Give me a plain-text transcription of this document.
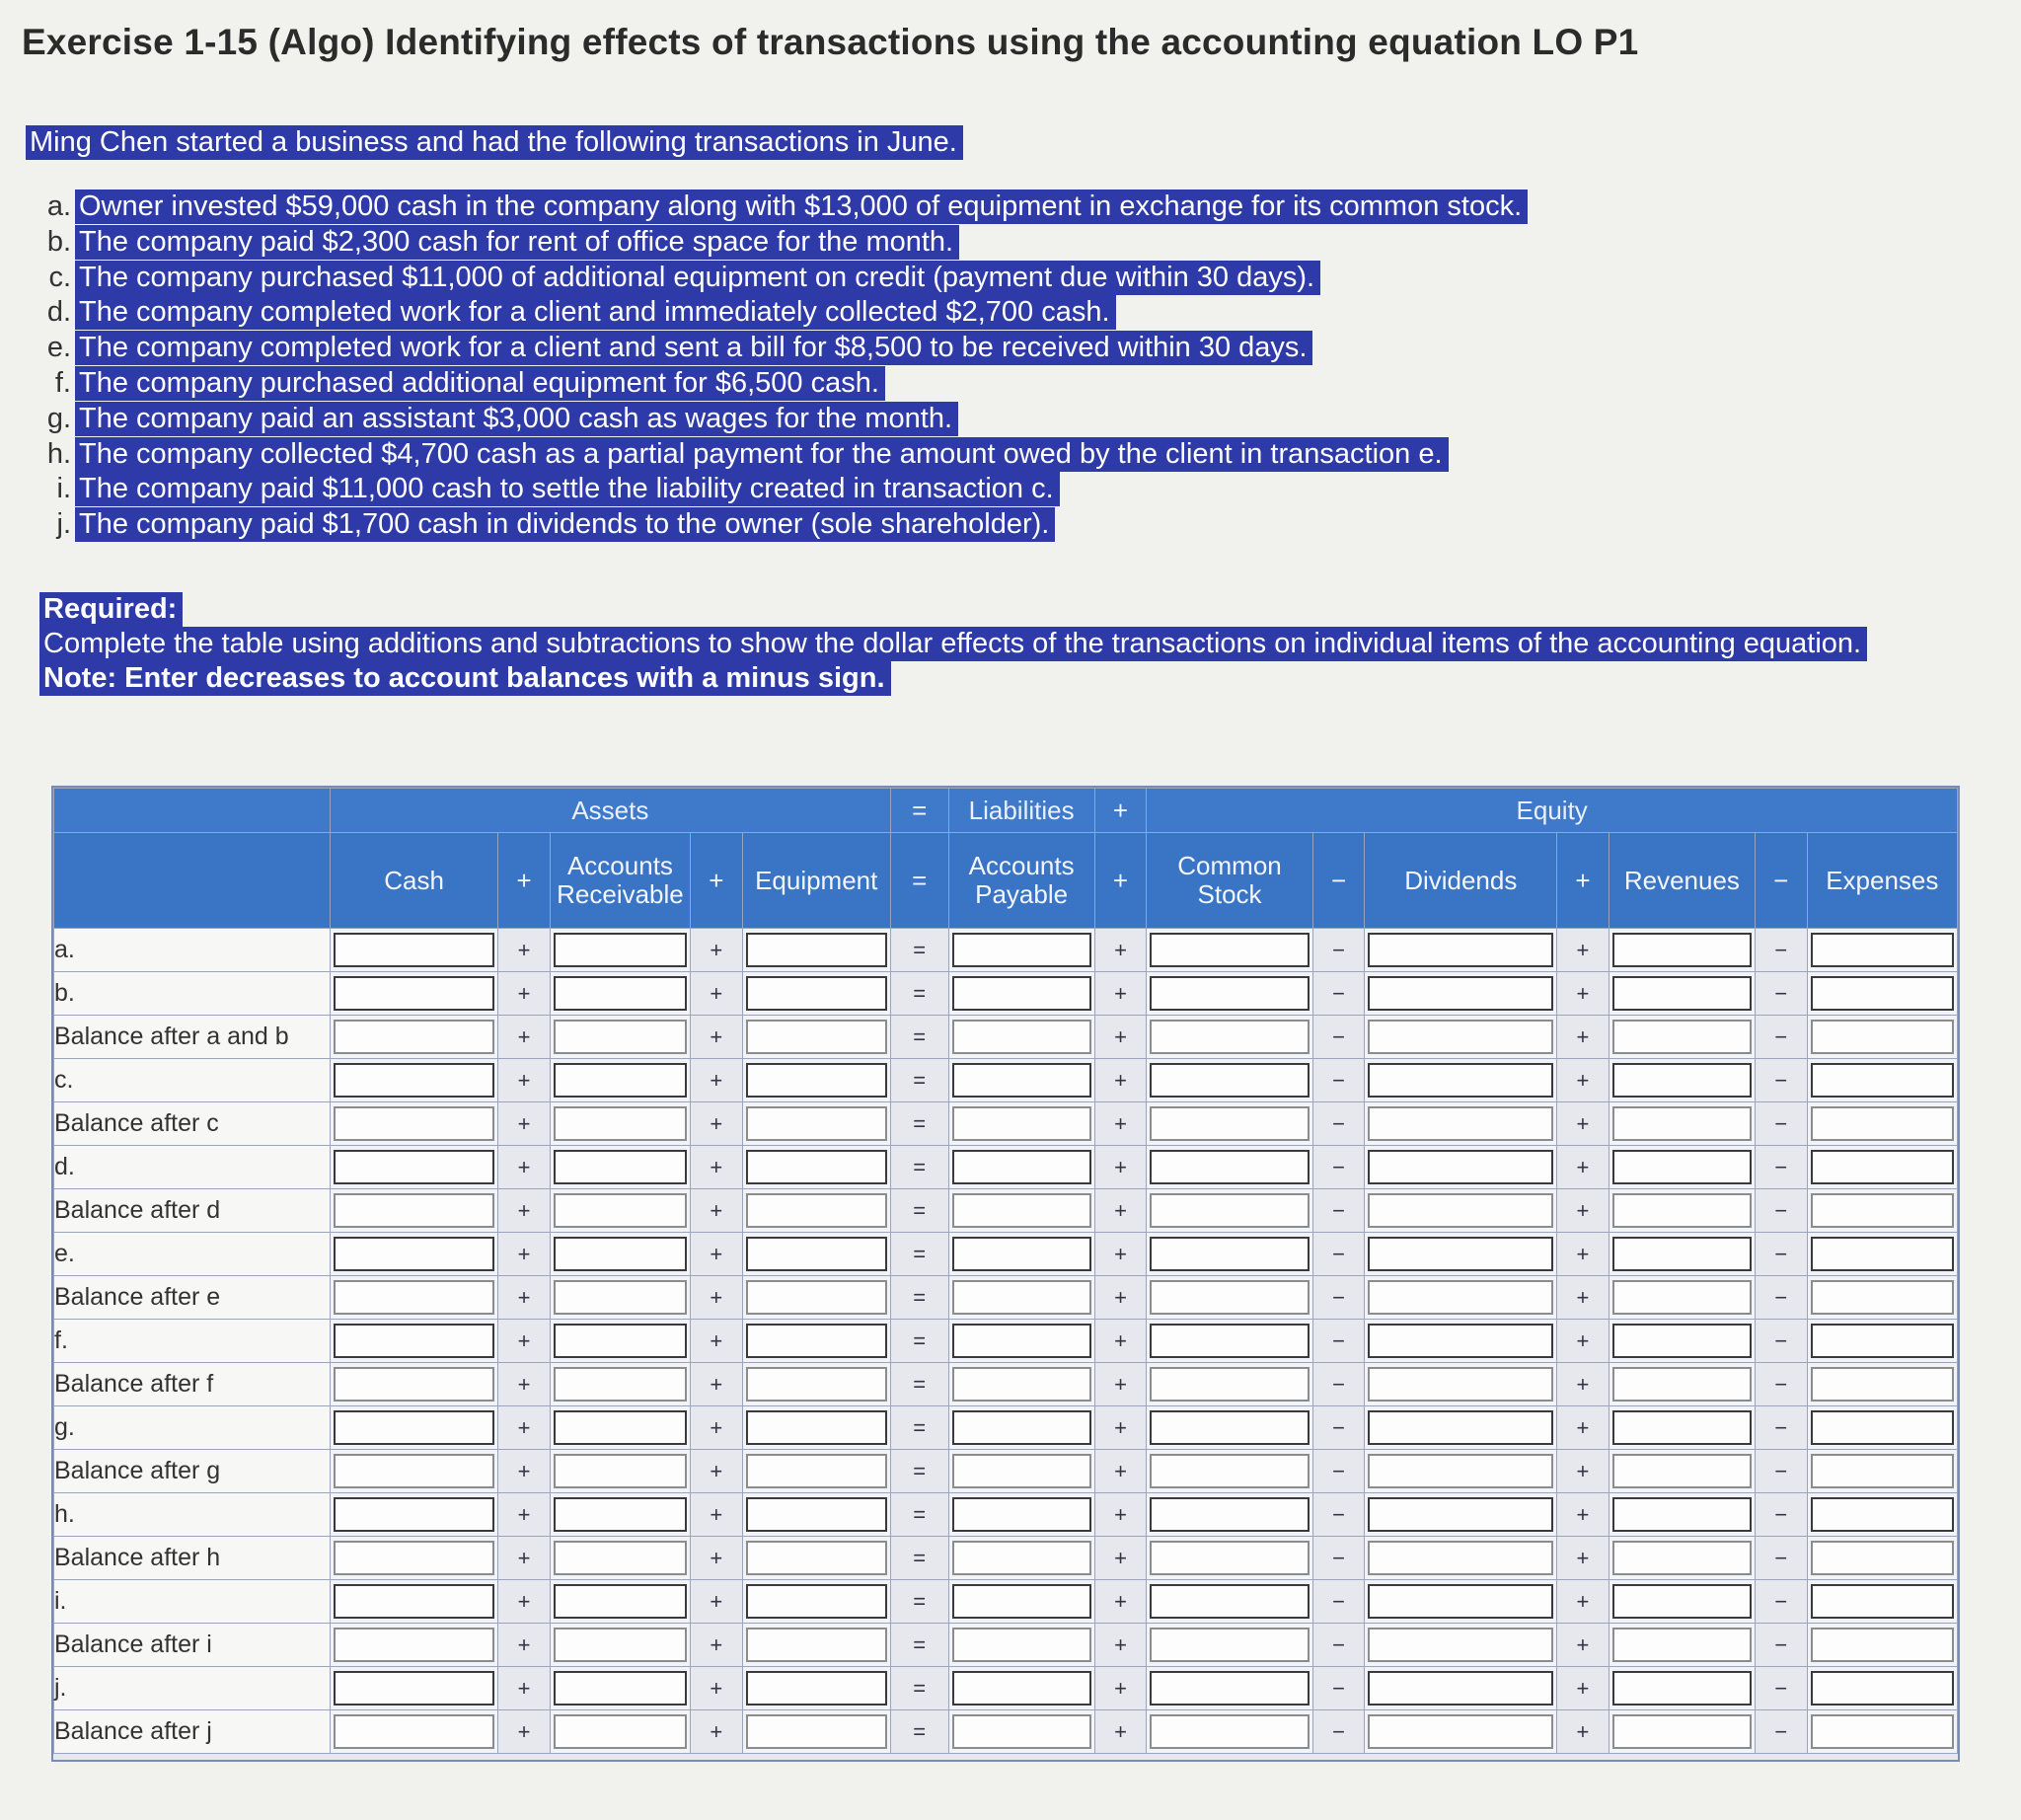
Exercise 1-15 (Algo) Identifying effects of transactions using the accounting equation LO P1
Ming Chen started a business and had the following transactions in June.
a. Owner invested $59,000 cash in the company along with $13,000 of equipment in exchange for its common stock.
b. The company paid $2,300 cash for rent of office space for the month.
c. The company purchased $11,000 of additional equipment on credit (payment due within 30 days).
d. The company completed work for a client and immediately collected $2,700 cash.
e. The company completed work for a client and sent a bill for $8,500 to be received within 30 days.
f. The company purchased additional equipment for $6,500 cash.
g. The company paid an assistant $3,000 cash as wages for the month.
h. The company collected $4,700 cash as a partial payment for the amount owed by the client in transaction e.
i. The company paid $11,000 cash to settle the liability created in transaction c.
j. The company paid $1,700 cash in dividends to the owner (sole shareholder).
Required:
Complete the table using additions and subtractions to show the dollar effects of the transactions on individual items of the accounting equation.
Note: Enter decreases to account balances with a minus sign.
	Assets					=	Liabilities	+	Equity						
	Cash	+	Accounts Receivable	+	Equipment	=	Accounts Payable	+	Common Stock	−	Dividends	+	Revenues	−	Expenses
a.		+		+		=		+		−		+		−	

b.		+		+		=		+		−		+		−	

Balance after a and b		+		+		=		+		−		+		−	

c.		+		+		=		+		−		+		−	

Balance after c		+		+		=		+		−		+		−	

d.		+		+		=		+		−		+		−	

Balance after d		+		+		=		+		−		+		−	

e.		+		+		=		+		−		+		−	

Balance after e		+		+		=		+		−		+		−	

f.		+		+		=		+		−		+		−	

Balance after f		+		+		=		+		−		+		−	

g.		+		+		=		+		−		+		−	

Balance after g		+		+		=		+		−		+		−	

h.		+		+		=		+		−		+		−	

Balance after h		+		+		=		+		−		+		−	

i.		+		+		=		+		−		+		−	

Balance after i		+		+		=		+		−		+		−	

j.		+		+		=		+		−		+		−	

Balance after j		+		+		=		+		−		+		−	
